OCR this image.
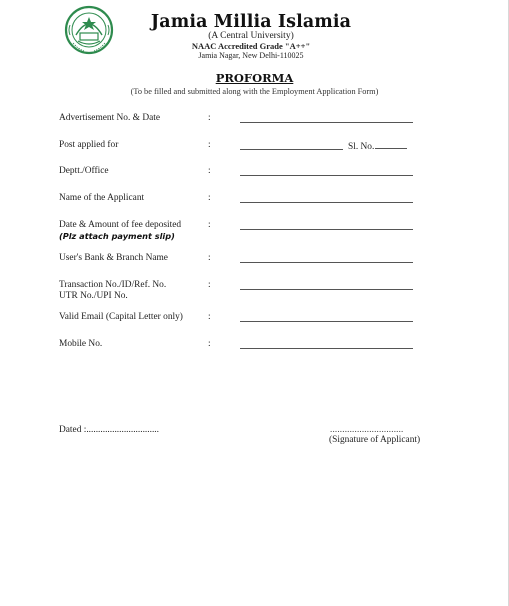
Jamia Millia Islamia
(A Central University)
NAAC Accredited Grade "A++"
Jamia Nagar, New Delhi-110025
PROFORMA
(To be filled and submitted along with the Employment Application Form)
Advertisement No. & Date	:
Post applied for	:	Sl. No.
Deptt./Office	:
Name of the Applicant	:
Date & Amount of fee deposited
(Plz attach payment slip)
:
User's Bank & Branch Name	:
Transaction No./ID/Ref. No.
UTR No./UPI No.
:
Valid Email (Capital Letter only)	:
Mobile No.	:
Dated :...............................	..............................
(Signature of Applicant)
